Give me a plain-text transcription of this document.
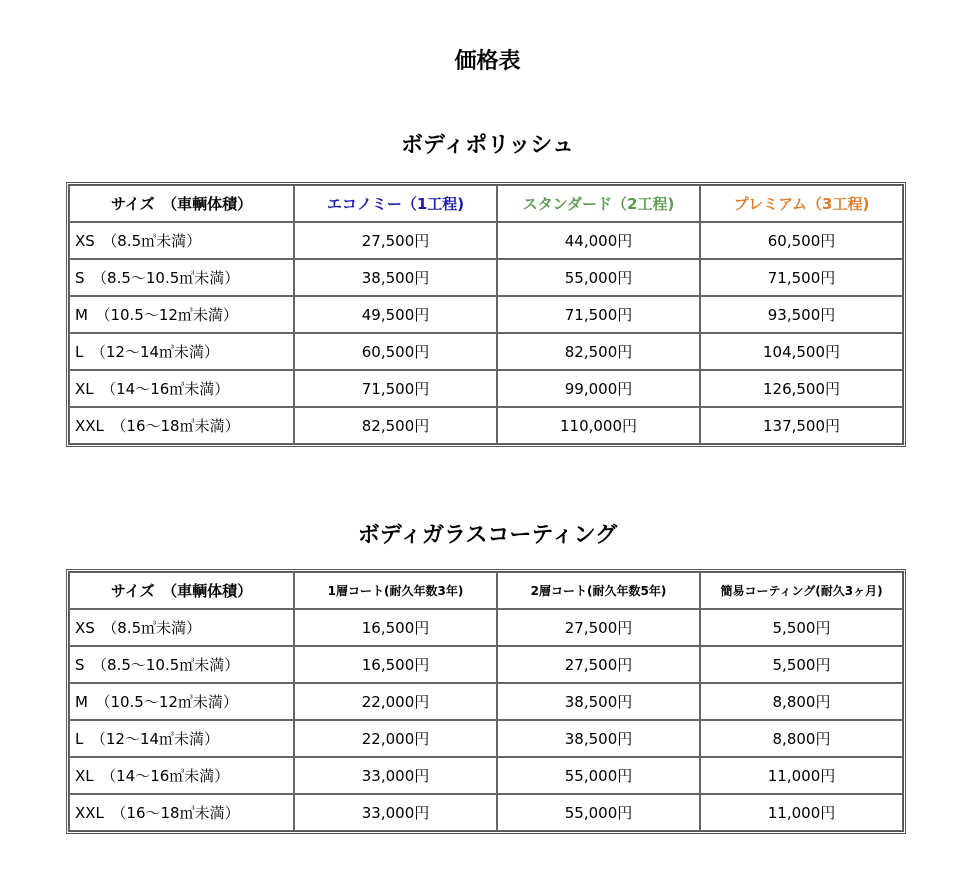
価格表
ボディポリッシュ
サイズ　（車輌体積）	エコノミー（1工程)	スタンダード（2工程)	プレミアム（3工程)
XS　（8.5㎥未満）	27,500円	44,000円	60,500円
S　（8.5～10.5㎥未満）	38,500円	55,000円	71,500円
M　（10.5～12㎥未満）	49,500円	71,500円	93,500円
L　（12～14㎥未満）	60,500円	82,500円	104,500円
XL　（14～16㎥未満）	71,500円	99,000円	126,500円
XXL　（16～18㎥未満）	82,500円	110,000円	137,500円
ボディガラスコーティング
サイズ　（車輌体積）	1層コート(耐久年数3年)	2層コート(耐久年数5年)	簡易コーティング(耐久3ヶ月)
XS　（8.5㎥未満）	16,500円	27,500円	5,500円
S　（8.5～10.5㎥未満）	16,500円	27,500円	5,500円
M　（10.5～12㎥未満）	22,000円	38,500円	8,800円
L　（12～14㎥未満）	22,000円	38,500円	8,800円
XL　（14～16㎥未満）	33,000円	55,000円	11,000円
XXL　（16～18㎥未満）	33,000円	55,000円	11,000円
